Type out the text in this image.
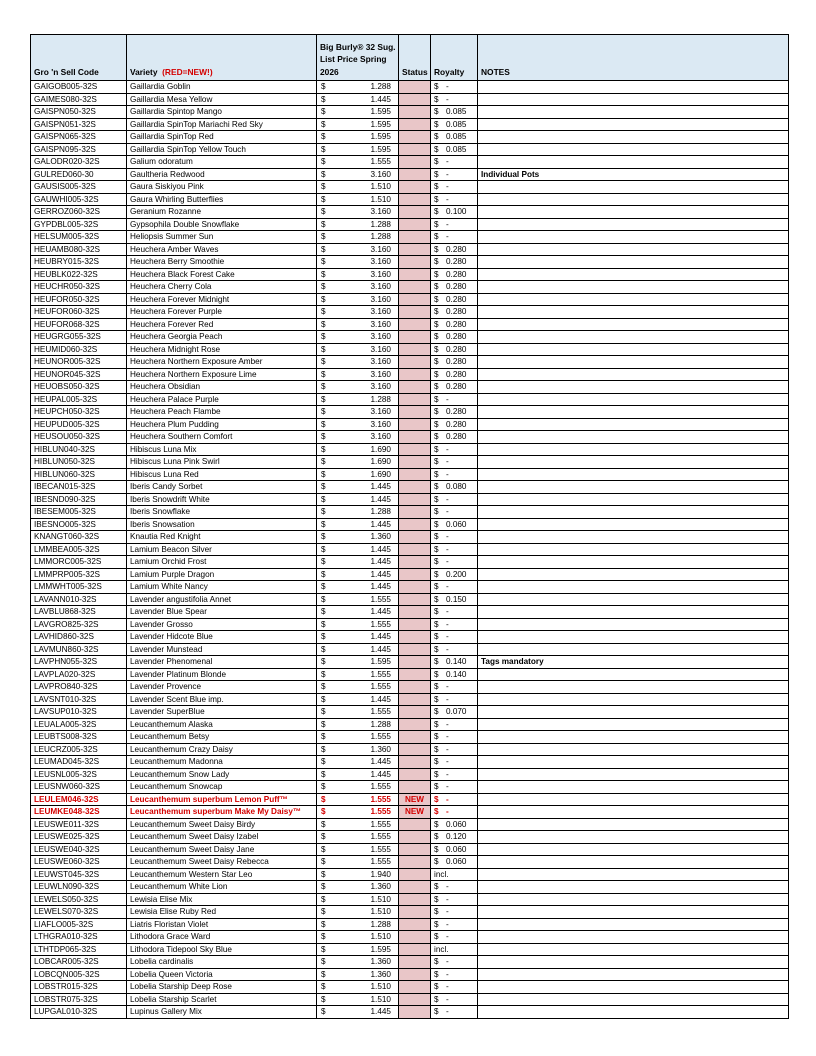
Gro 'n Sell Code	Variety (RED=NEW!)	Big Burly® 32 Sug.
List Price Spring
2026	Status	Royalty	NOTES
GAIGOB005-32S	Gaillardia Goblin	$ 1.288		$ -	
GAIMES080-32S	Gaillardia Mesa Yellow	$ 1.445		$ -	
GAISPN050-32S	Gaillardia Spintop Mango	$ 1.595		$ 0.085	
GAISPN051-32S	Gaillardia SpinTop Mariachi Red Sky	$ 1.595		$ 0.085	
GAISPN065-32S	Gaillardia SpinTop Red	$ 1.595		$ 0.085	
GAISPN095-32S	Gaillardia SpinTop Yellow Touch	$ 1.595		$ 0.085	
GALODR020-32S	Galium odoratum	$ 1.555		$ -	
GULRED060-30	Gaultheria Redwood	$ 3.160		$ -	Individual Pots
GAUSIS005-32S	Gaura Siskiyou Pink	$ 1.510		$ -	
GAUWHI005-32S	Gaura Whirling Butterflies	$ 1.510		$ -	
GERROZ060-32S	Geranium Rozanne	$ 3.160		$ 0.100	
GYPDBL005-32S	Gypsophila Double Snowflake	$ 1.288		$ -	
HELSUM005-32S	Heliopsis Summer Sun	$ 1.288		$ -	
HEUAMB080-32S	Heuchera Amber Waves	$ 3.160		$ 0.280	
HEUBRY015-32S	Heuchera Berry Smoothie	$ 3.160		$ 0.280	
HEUBLK022-32S	Heuchera Black Forest Cake	$ 3.160		$ 0.280	
HEUCHR050-32S	Heuchera Cherry Cola	$ 3.160		$ 0.280	
HEUFOR050-32S	Heuchera Forever Midnight	$ 3.160		$ 0.280	
HEUFOR060-32S	Heuchera Forever Purple	$ 3.160		$ 0.280	
HEUFOR068-32S	Heuchera Forever Red	$ 3.160		$ 0.280	
HEUGRG055-32S	Heuchera Georgia Peach	$ 3.160		$ 0.280	
HEUMID060-32S	Heuchera Midnight Rose	$ 3.160		$ 0.280	
HEUNOR005-32S	Heuchera Northern Exposure Amber	$ 3.160		$ 0.280	
HEUNOR045-32S	Heuchera Northern Exposure Lime	$ 3.160		$ 0.280	
HEUOBS050-32S	Heuchera Obsidian	$ 3.160		$ 0.280	
HEUPAL005-32S	Heuchera Palace Purple	$ 1.288		$ -	
HEUPCH050-32S	Heuchera Peach Flambe	$ 3.160		$ 0.280	
HEUPUD005-32S	Heuchera Plum Pudding	$ 3.160		$ 0.280	
HEUSOU050-32S	Heuchera Southern Comfort	$ 3.160		$ 0.280	
HIBLUN040-32S	Hibiscus Luna Mix	$ 1.690		$ -	
HIBLUN050-32S	Hibiscus Luna Pink Swirl	$ 1.690		$ -	
HIBLUN060-32S	Hibiscus Luna Red	$ 1.690		$ -	
IBECAN015-32S	Iberis Candy Sorbet	$ 1.445		$ 0.080	
IBESND090-32S	Iberis Snowdrift White	$ 1.445		$ -	
IBESEM005-32S	Iberis Snowflake	$ 1.288		$ -	
IBESNO005-32S	Iberis Snowsation	$ 1.445		$ 0.060	
KNANGT060-32S	Knautia Red Knight	$ 1.360		$ -	
LMMBEA005-32S	Lamium Beacon Silver	$ 1.445		$ -	
LMMORC005-32S	Lamium Orchid Frost	$ 1.445		$ -	
LMMPRP005-32S	Lamium Purple Dragon	$ 1.445		$ 0.200	
LMMWHT005-32S	Lamium White Nancy	$ 1.445		$ -	
LAVANN010-32S	Lavender angustifolia Annet	$ 1.555		$ 0.150	
LAVBLU868-32S	Lavender Blue Spear	$ 1.445		$ -	
LAVGRO825-32S	Lavender Grosso	$ 1.555		$ -	
LAVHID860-32S	Lavender Hidcote Blue	$ 1.445		$ -	
LAVMUN860-32S	Lavender Munstead	$ 1.445		$ -	
LAVPHN055-32S	Lavender Phenomenal	$ 1.595		$ 0.140	Tags mandatory
LAVPLA020-32S	Lavender Platinum Blonde	$ 1.555		$ 0.140	
LAVPRO840-32S	Lavender Provence	$ 1.555		$ -	
LAVSNT010-32S	Lavender Scent Blue imp.	$ 1.445		$ -	
LAVSUP010-32S	Lavender SuperBlue	$ 1.555		$ 0.070	
LEUALA005-32S	Leucanthemum Alaska	$ 1.288		$ -	
LEUBTS008-32S	Leucanthemum Betsy	$ 1.555		$ -	
LEUCRZ005-32S	Leucanthemum Crazy Daisy	$ 1.360		$ -	
LEUMAD045-32S	Leucanthemum Madonna	$ 1.445		$ -	
LEUSNL005-32S	Leucanthemum Snow Lady	$ 1.445		$ -	
LEUSNW060-32S	Leucanthemum Snowcap	$ 1.555		$ -	
LEULEM046-32S	Leucanthemum superbum Lemon Puff™	$ 1.555	NEW	$ -	
LEUMKE048-32S	Leucanthemum superbum Make My Daisy™	$ 1.555	NEW	$ -	
LEUSWE011-32S	Leucanthemum Sweet Daisy Birdy	$ 1.555		$ 0.060	
LEUSWE025-32S	Leucanthemum Sweet Daisy Izabel	$ 1.555		$ 0.120	
LEUSWE040-32S	Leucanthemum Sweet Daisy Jane	$ 1.555		$ 0.060	
LEUSWE060-32S	Leucanthemum Sweet Daisy Rebecca	$ 1.555		$ 0.060	
LEUWST045-32S	Leucanthemum Western Star Leo	$ 1.940		incl.	
LEUWLN090-32S	Leucanthemum White Lion	$ 1.360		$ -	
LEWELS050-32S	Lewisia Elise Mix	$ 1.510		$ -	
LEWELS070-32S	Lewisia Elise Ruby Red	$ 1.510		$ -	
LIAFLO005-32S	Liatris Floristan Violet	$ 1.288		$ -	
LTHGRA010-32S	Lithodora Grace Ward	$ 1.510		$ -	
LTHTDP065-32S	Lithodora Tidepool Sky Blue	$ 1.595		incl.	
LOBCAR005-32S	Lobelia cardinalis	$ 1.360		$ -	
LOBCQN005-32S	Lobelia Queen Victoria	$ 1.360		$ -	
LOBSTR015-32S	Lobelia Starship Deep Rose	$ 1.510		$ -	
LOBSTR075-32S	Lobelia Starship Scarlet	$ 1.510		$ -	
LUPGAL010-32S	Lupinus Gallery Mix	$ 1.445		$ -	
